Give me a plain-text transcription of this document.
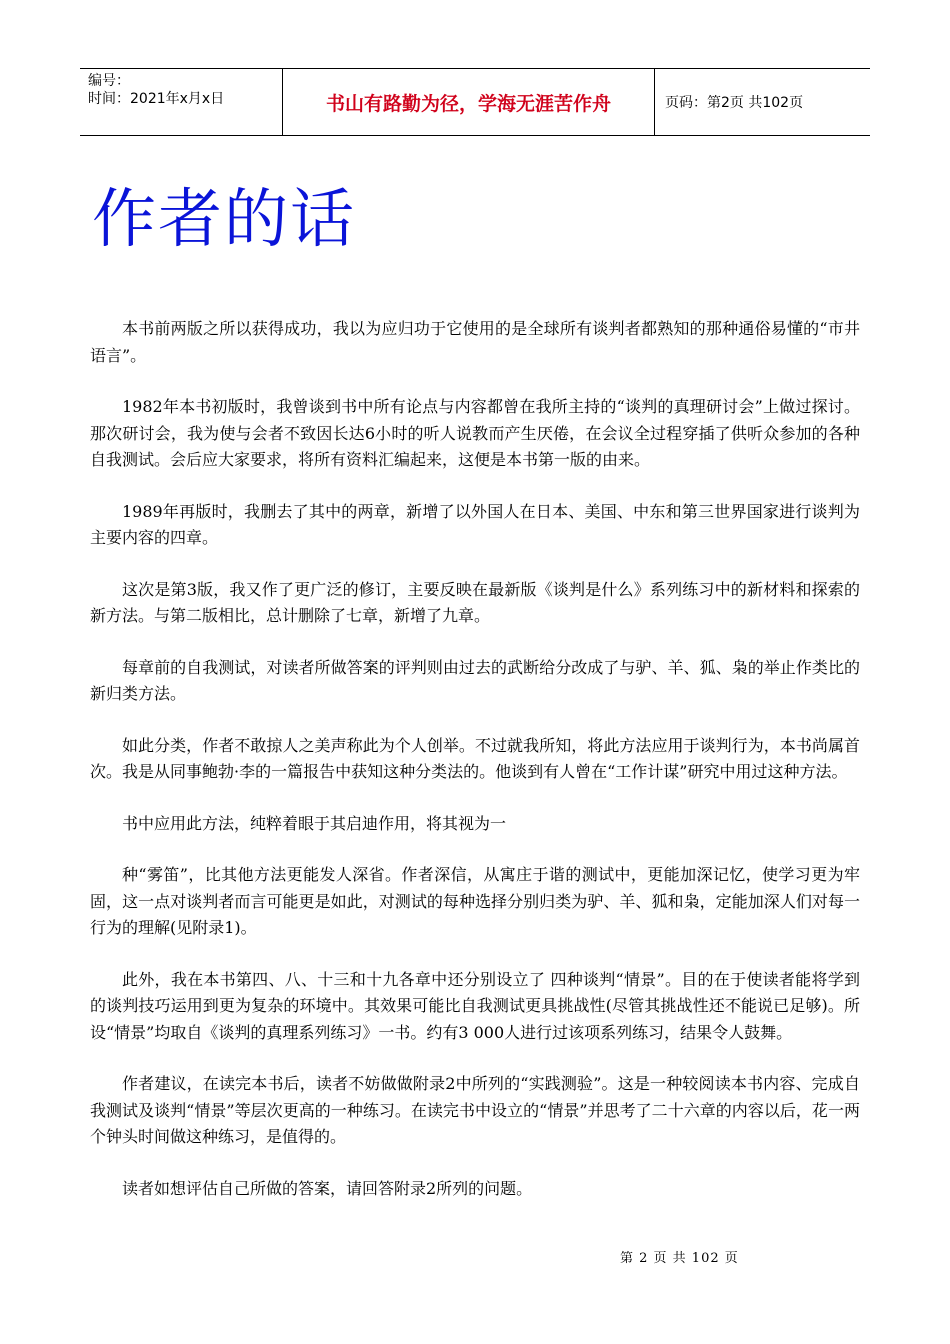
编号：
时间：2021年x月x日	书山有路勤为径，学海无涯苦作舟	页码：第2页 共102页
作者的话

本书前两版之所以获得成功，我以为应归功于它使用的是全球所有谈判者都熟知的那种通俗易懂的“市井语言”。

1982年本书初版时，我曾谈到书中所有论点与内容都曾在我所主持的“谈判的真理研讨会”上做过探讨。那次研讨会，我为使与会者不致因长达6小时的听人说教而产生厌倦，在会议全过程穿插了供听众参加的各种自我测试。会后应大家要求，将所有资料汇编起来，这便是本书第一版的由来。

1989年再版时，我删去了其中的两章，新增了以外国人在日本、美国、中东和第三世界国家进行谈判为主要内容的四章。

这次是第3版，我又作了更广泛的修订，主要反映在最新版《谈判是什么》系列练习中的新材料和探索的新方法。与第二版相比，总计删除了七章，新增了九章。

每章前的自我测试，对读者所做答案的评判则由过去的武断给分改成了与驴、羊、狐、枭的举止作类比的新归类方法。

如此分类，作者不敢掠人之美声称此为个人创举。不过就我所知，将此方法应用于谈判行为，本书尚属首次。我是从同事鲍勃·李的一篇报告中获知这种分类法的。他谈到有人曾在“工作计谋”研究中用过这种方法。

书中应用此方法，纯粹着眼于其启迪作用，将其视为一

种“雾笛”，比其他方法更能发人深省。作者深信，从寓庄于谐的测试中，更能加深记忆，使学习更为牢固，这一点对谈判者而言可能更是如此，对测试的每种选择分别归类为驴、羊、狐和枭，定能加深人们对每一行为的理解(见附录1)。

此外，我在本书第四、八、十三和十九各章中还分别设立了 四种谈判“情景”。目的在于使读者能将学到的谈判技巧运用到更为复杂的环境中。其效果可能比自我测试更具挑战性(尽管其挑战性还不能说已足够)。所设“情景”均取自《谈判的真理系列练习》一书。约有3 000人进行过该项系列练习，结果令人鼓舞。

作者建议，在读完本书后，读者不妨做做附录2中所列的“实践测验”。这是一种较阅读本书内容、完成自我测试及谈判“情景”等层次更高的一种练习。在读完书中设立的“情景”并思考了二十六章的内容以后，花一两个钟头时间做这种练习，是值得的。

读者如想评估自己所做的答案，请回答附录2所列的问题。

第 2 页 共 102 页
